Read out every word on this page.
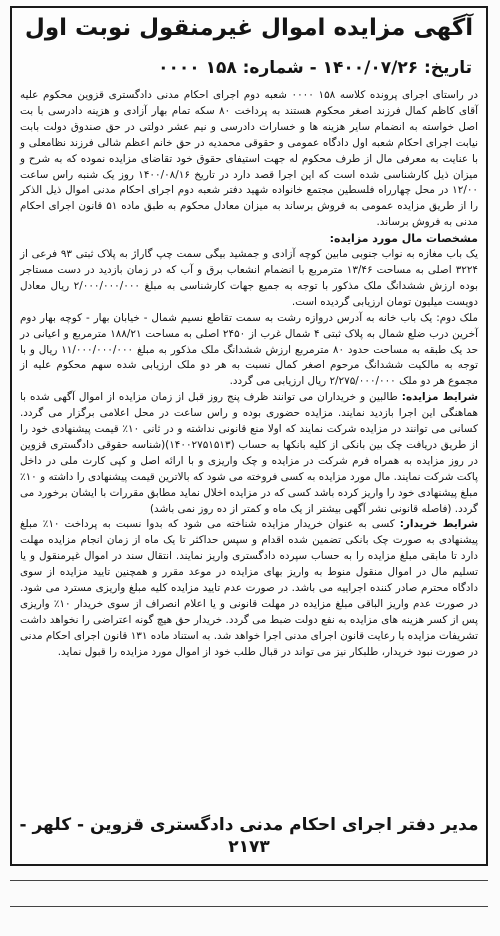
آگهی مزایده اموال غیرمنقول نوبت اول
تاریخ: ۱۴۰۰/۰۷/۲۶ - شماره: ۱۵۸ ۰۰۰۰

در راستای اجرای پرونده کلاسه ۱۵۸ ۰۰۰۰ شعبه دوم اجرای احکام مدنی دادگستری قزوین محکوم علیه آقای کاظم کمال فرزند اصغر محکوم هستند به پرداخت ۸۰ سکه تمام بهار آزادی و هزینه دادرسی با بت اصل خواسته به انضمام سایر هزینه ها و خسارات دادرسی و نیم عشر دولتی در حق صندوق دولت بابت نیابت اجرای احکام شعبه اول دادگاه عمومی و حقوقی محمدیه در حق خانم اعظم شالی فرزند نظامعلی و با عنایت به معرفی مال از طرف محکوم له جهت استیفای حقوق خود تقاضای مزایده نموده که به شرح و میزان ذیل کارشناسی شده است که این اجرا قصد دارد در تاریخ ۱۴۰۰/۰۸/۱۶ روز یک شنبه راس ساعت ۱۲/۰۰ در محل چهارراه فلسطین مجتمع خانواده شهید دفتر شعبه دوم اجرای احکام مدنی اموال ذیل الذکر را از طریق مزایده عمومی به فروش برساند به میزان معادل محکوم به طبق ماده ۵۱ قانون اجرای احکام مدنی به فروش برساند.

مشخصات مال مورد مزایده:

یک باب مغازه به نواب جنوبی مابین کوچه آزادی و جمشید بیگی سمت چپ گاراژ به پلاک ثبتی ۹۳ فرعی از ۳۲۲۴ اصلی به مساحت ۱۳/۴۶ مترمربع با انضمام انشعاب برق و آب که در زمان بازدید در دست مستاجر بوده ارزش ششدانگ ملک مذکور با توجه به جمیع جهات کارشناسی به مبلغ ۲/۰۰۰/۰۰۰/۰۰۰ ریال معادل دویست میلیون تومان ارزیابی گردیده است.

ملک دوم: یک باب خانه به آدرس دروازه رشت به سمت تقاطع نسیم شمال - خیابان بهار - کوچه بهار دوم آخرین درب ضلع شمال به پلاک ثبتی ۴ شمال غرب از ۲۴۵۰ اصلی به مساحت ۱۸۸/۲۱ مترمربع و اعیانی در حد یک طبقه به مساحت حدود ۸۰ مترمربع ارزش ششدانگ ملک مذکور به مبلغ ۱۱/۰۰۰/۰۰۰/۰۰۰ ریال و با توجه به مالکیت ششدانگ مرحوم اصغر کمال نسبت به هر دو ملک ارزیابی شده سهم محکوم علیه از مجموع هر دو ملک ۲/۲۷۵/۰۰۰/۰۰۰ ریال ارزیابی می گردد.

شرایط مزایده: طالبین و خریداران می توانند ظرف پنج روز قبل از زمان مزایده از اموال آگهی شده با هماهنگی این اجرا بازدید نمایند. مزایده حضوری بوده و راس ساعت در محل اعلامی برگزار می گردد. کسانی می توانند در مزایده شرکت نمایند که اولا منع قانونی نداشته و در ثانی ۱۰٪ قیمت پیشنهادی خود را از طریق دریافت چک بین بانکی از کلیه بانکها به حساب (۱۴۰۰۲۷۵۱۵۱۳)(شناسه حقوقی دادگستری قزوین در روز مزایده به همراه فرم شرکت در مزایده و چک واریزی و با ارائه اصل و کپی کارت ملی در داخل پاکت شرکت نمایند. مال مورد مزایده به کسی فروخته می شود که بالاترین قیمت پیشنهادی را داشته و ۱۰٪ مبلغ پیشنهادی خود را واریز کرده باشد کسی که در مزایده اخلال نماید مطابق مقررات با ایشان برخورد می گردد. (فاصله قانونی نشر آگهی بیشتر از یک ماه و کمتر از ده روز نمی باشد)

شرایط خریدار: کسی به عنوان خریدار مزایده شناخته می شود که بدوا نسبت به پرداخت ۱۰٪ مبلغ پیشنهادی به صورت چک بانکی تضمین شده اقدام و سپس حداکثر تا یک ماه از زمان انجام مزایده مهلت دارد تا مابقی مبلغ مزایده را به حساب سپرده دادگستری واریز نمایند. انتقال سند در اموال غیرمنقول و یا تسلیم مال در اموال منقول منوط به واریز بهای مزایده در موعد مقرر و همچنین تایید مزایده از سوی دادگاه محترم صادر کننده اجراییه می باشد. در صورت عدم تایید مزایده کلیه مبلغ واریزی مسترد می شود. در صورت عدم واریز الباقی مبلغ مزایده در مهلت قانونی و یا اعلام انصراف از سوی خریدار ۱۰٪ واریزی پس از کسر هزینه های مزایده به نفع دولت ضبط می گردد. خریدار حق هیچ گونه اعتراضی را نخواهد داشت تشریفات مزایده با رعایت قانون اجرای مدنی اجرا خواهد شد. به استناد ماده ۱۳۱ قانون اجرای احکام مدنی در صورت نبود خریدار، طلبکار نیز می تواند در قبال طلب خود از اموال مورد مزایده را قبول نماید.

مدیر دفتر اجرای احکام مدنی دادگستری قزوین - کلهر - ۲۱۷۳
